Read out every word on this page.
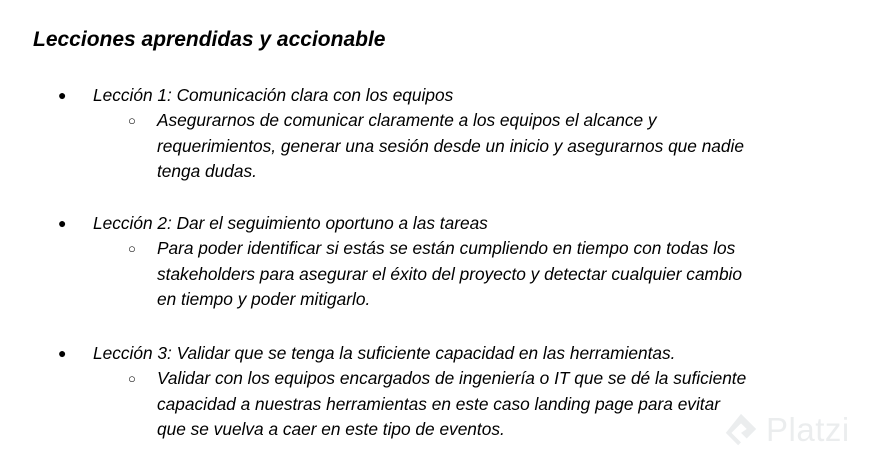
Lecciones aprendidas y accionable
● Lección 1: Comunicación clara con los equipos
○ Asegurarnos de comunicar claramente a los equipos el alcance y
requerimientos, generar una sesión desde un inicio y asegurarnos que nadie
tenga dudas.
● Lección 2: Dar el seguimiento oportuno a las tareas
○ Para poder identificar si estás se están cumpliendo en tiempo con todas los
stakeholders para asegurar el éxito del proyecto y detectar cualquier cambio
en tiempo y poder mitigarlo.
● Lección 3: Validar que se tenga la suficiente capacidad en las herramientas.
○ Validar con los equipos encargados de ingeniería o IT que se dé la suficiente
capacidad a nuestras herramientas en este caso landing page para evitar
que se vuelva a caer en este tipo de eventos.	Platzi
